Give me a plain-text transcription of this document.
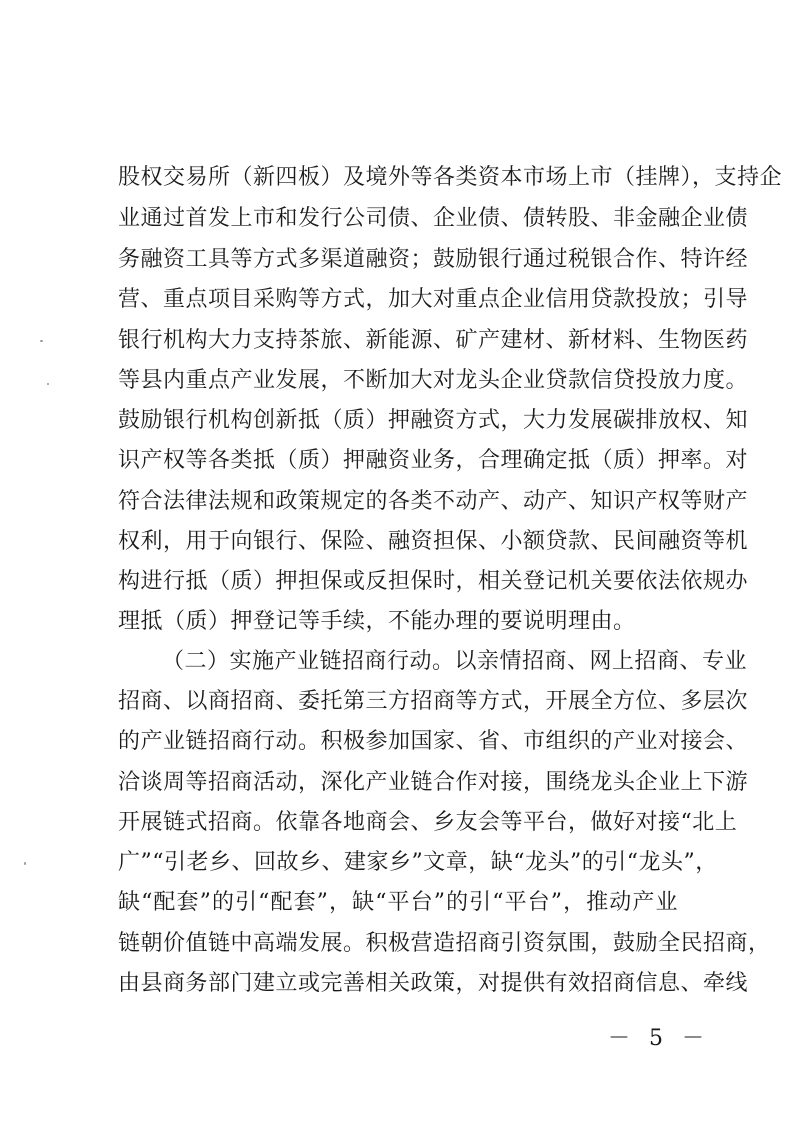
股权交易所（新四板）及境外等各类资本市场上市（挂牌），支持企
业通过首发上市和发行公司债、企业债、债转股、非金融企业债
务融资工具等方式多渠道融资；鼓励银行通过税银合作、特许经
营、重点项目采购等方式，加大对重点企业信用贷款投放；引导
银行机构大力支持茶旅、新能源、矿产建材、新材料、生物医药
等县内重点产业发展，不断加大对龙头企业贷款信贷投放力度。
鼓励银行机构创新抵（质）押融资方式，大力发展碳排放权、知
识产权等各类抵（质）押融资业务，合理确定抵（质）押率。对
符合法律法规和政策规定的各类不动产、动产、知识产权等财产
权利，用于向银行、保险、融资担保、小额贷款、民间融资等机
构进行抵（质）押担保或反担保时，相关登记机关要依法依规办
理抵（质）押登记等手续，不能办理的要说明理由。
（二）实施产业链招商行动。以亲情招商、网上招商、专业
招商、以商招商、委托第三方招商等方式，开展全方位、多层次
的产业链招商行动。积极参加国家、省、市组织的产业对接会、
洽谈周等招商活动，深化产业链合作对接，围绕龙头企业上下游
开展链式招商。依靠各地商会、乡友会等平台，做好对接“北上
广”“引老乡、回故乡、建家乡”文章，缺“龙头”的引“龙头”，
缺“配套”的引“配套”，缺“平台”的引“平台”，推动产业
链朝价值链中高端发展。积极营造招商引资氛围，鼓励全民招商，
由县商务部门建立或完善相关政策，对提供有效招商信息、牵线
－ 5 －
